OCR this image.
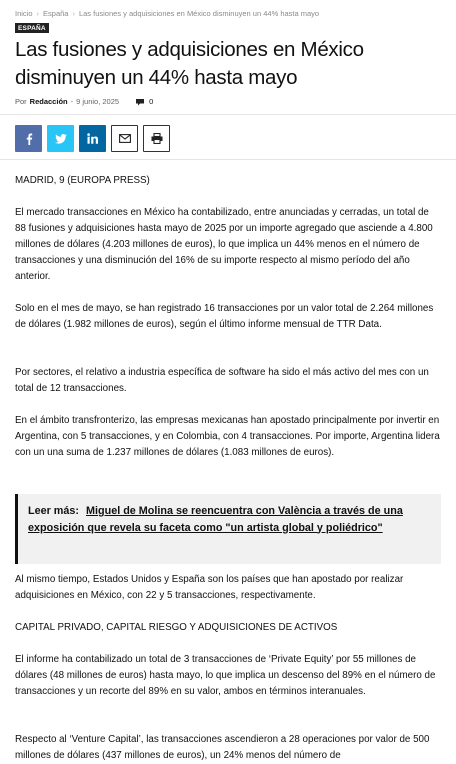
Inicio › España › Las fusiones y adquisiciones en México disminuyen un 44% hasta mayo
ESPAÑA
Las fusiones y adquisiciones en México disminuyen un 44% hasta mayo
Por Redacción - 9 junio, 2025	0

MADRID, 9 (EUROPA PRESS)

El mercado transacciones en México ha contabilizado, entre anunciadas y cerradas, un total de 88 fusiones y adquisiciones hasta mayo de 2025 por un importe agregado que asciende a 4.800 millones de dólares (4.203 millones de euros), lo que implica un 44% menos en el número de transacciones y una disminución del 16% de su importe respecto al mismo período del año anterior.

Solo en el mes de mayo, se han registrado 16 transacciones por un valor total de 2.264 millones de dólares (1.982 millones de euros), según el último informe mensual de TTR Data.

Por sectores, el relativo a industria específica de software ha sido el más activo del mes con un total de 12 transacciones.

En el ámbito transfronterizo, las empresas mexicanas han apostado principalmente por invertir en Argentina, con 5 transacciones, y en Colombia, con 4 transacciones. Por importe, Argentina lidera con un una suma de 1.237 millones de dólares (1.083 millones de euros).

Leer más: Miguel de Molina se reencuentra con València a través de una exposición que revela su faceta como "un artista global y poliédrico"

Al mismo tiempo, Estados Unidos y España son los países que han apostado por realizar adquisiciones en México, con 22 y 5 transacciones, respectivamente.

CAPITAL PRIVADO, CAPITAL RIESGO Y ADQUISICIONES DE ACTIVOS

El informe ha contabilizado un total de 3 transacciones de ‘Private Equity’ por 55 millones de dólares (48 millones de euros) hasta mayo, lo que implica un descenso del 89% en el número de transacciones y un recorte del 89% en su valor, ambos en términos interanuales.

Respecto al ‘Venture Capital’, las transacciones ascendieron a 28 operaciones por valor de 500 millones de dólares (437 millones de euros), un 24% menos del número de
